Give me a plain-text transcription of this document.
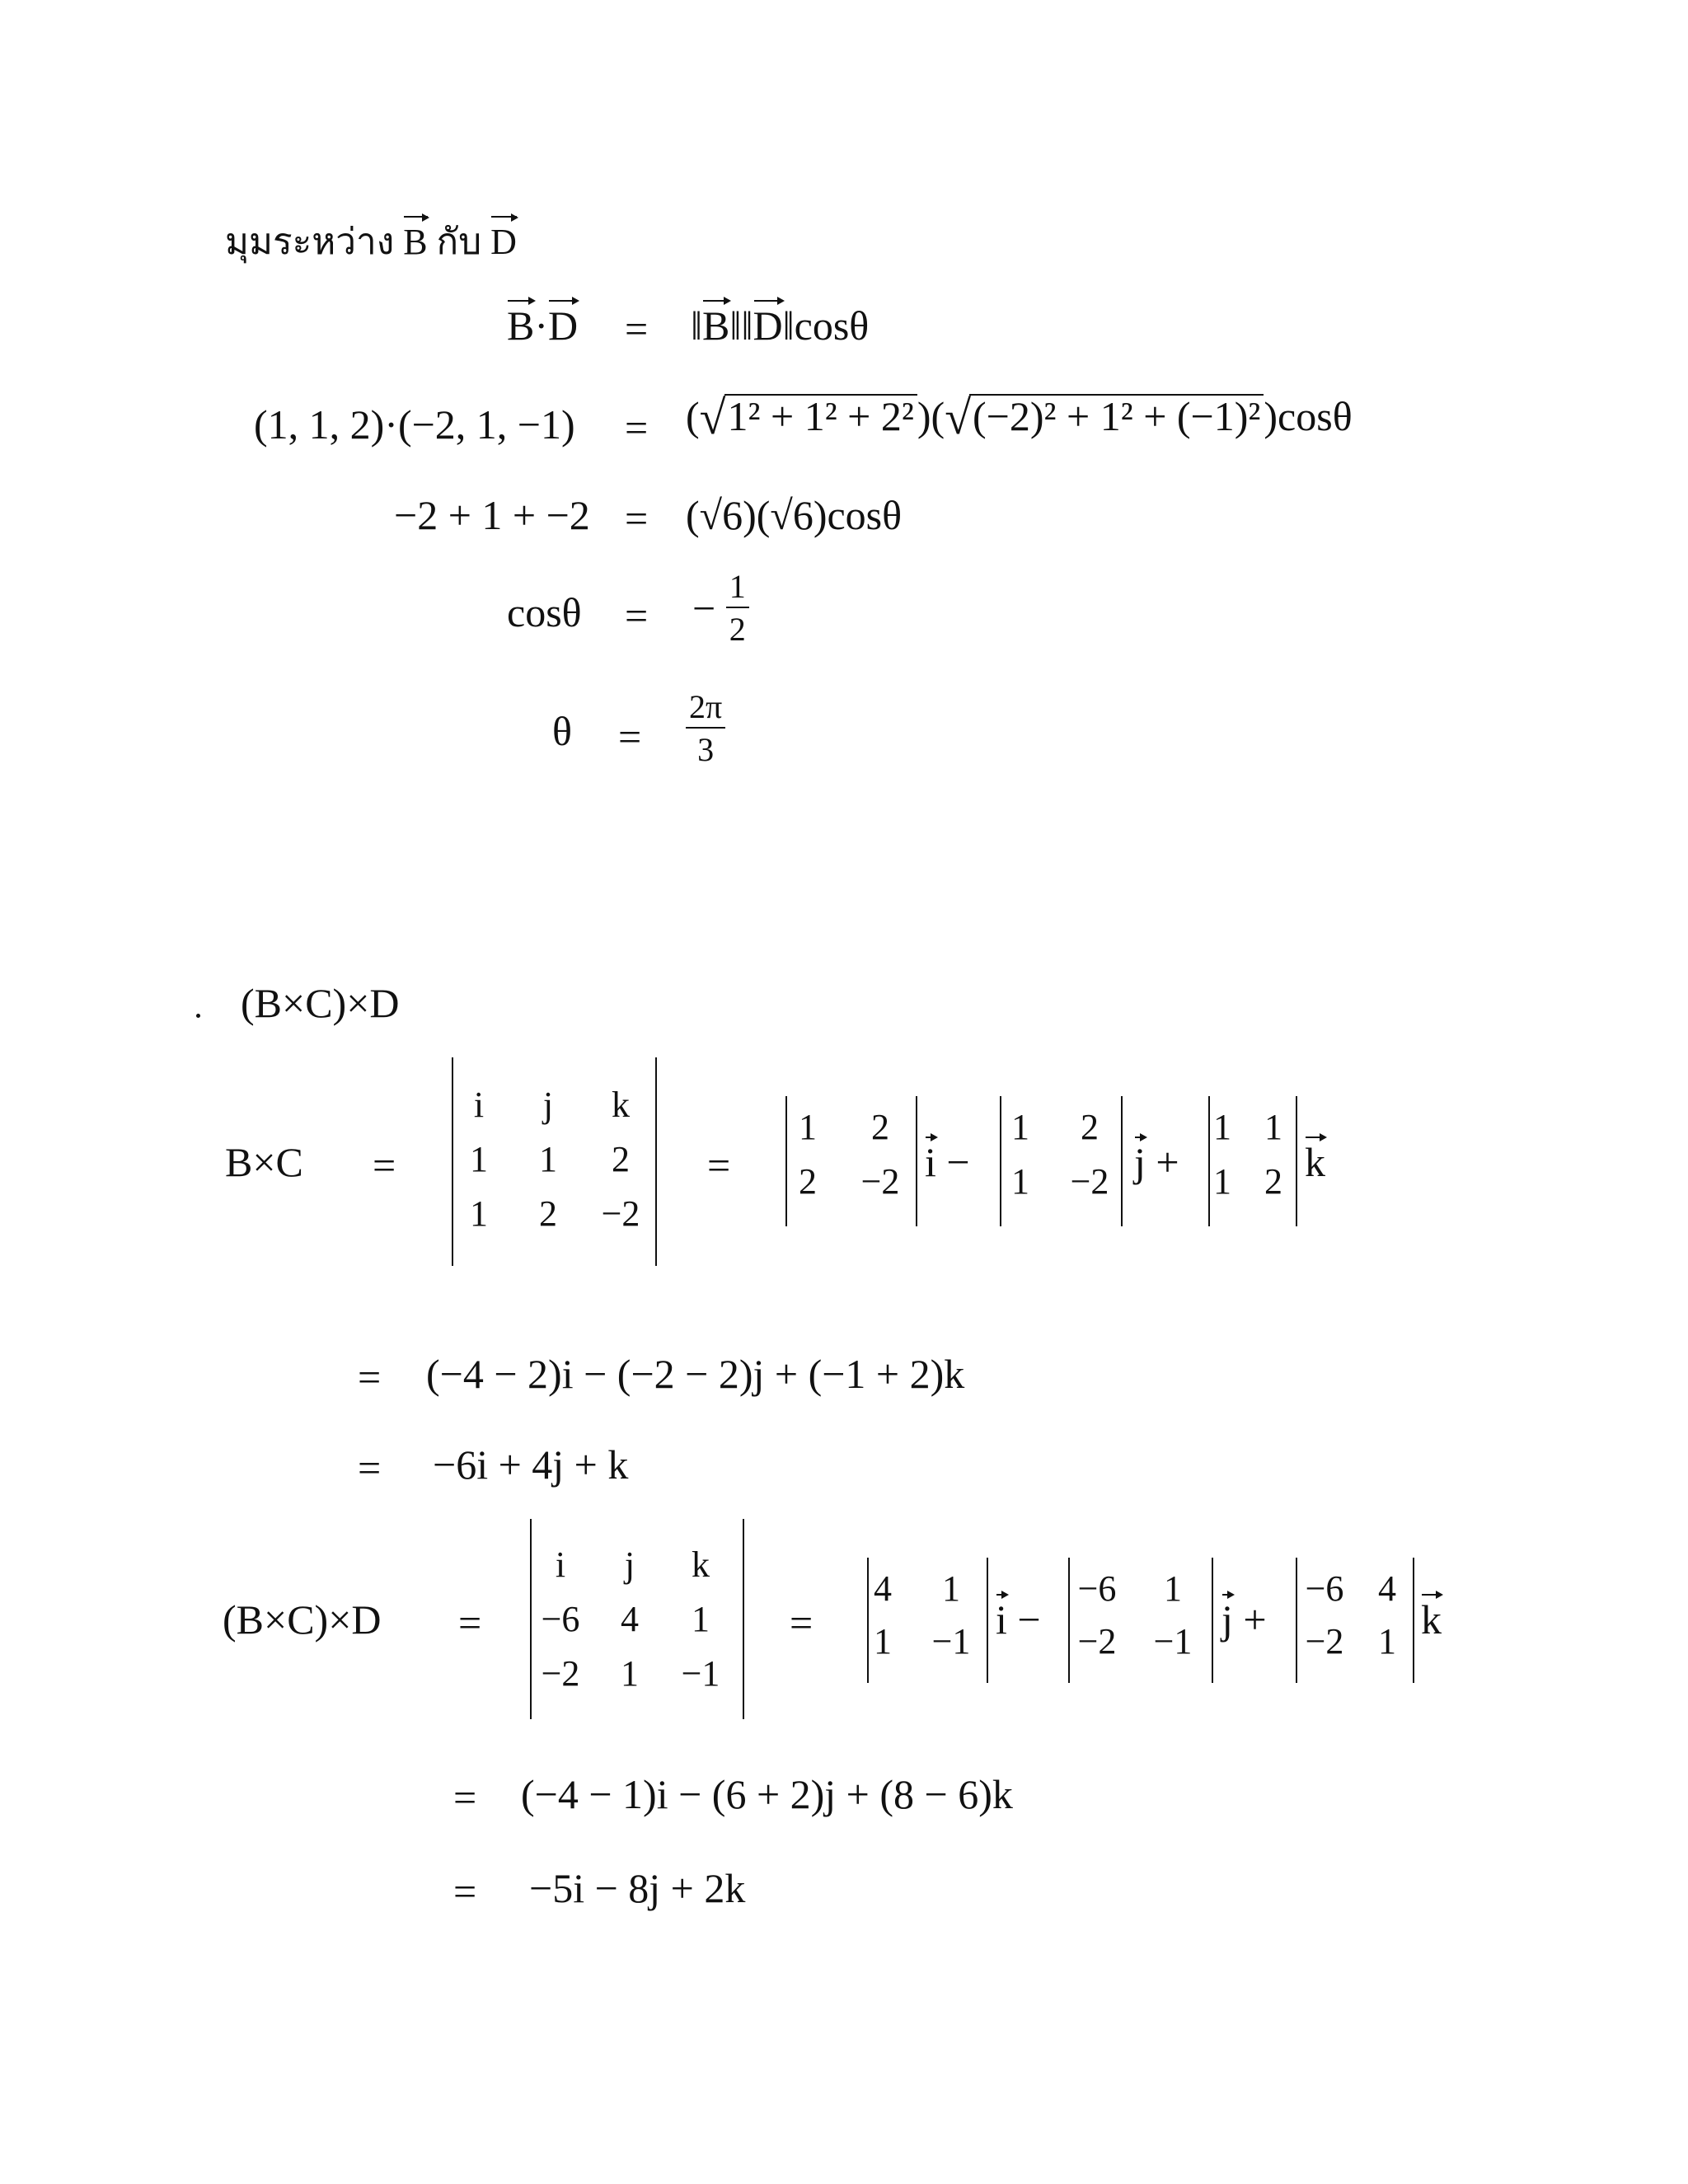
มุมระหว่าง B กับ D
B·D = ‖B‖‖D‖cosθ
(1, 1, 2)·(−2, 1, −1) = (√1² + 1² + 2²)(√(−2)² + 1² + (−1)²)cosθ
−2 + 1 + −2 = (√6)(√6)cosθ
cosθ = − $\frac{1}{2}$
$\theta = \frac{2\pi}{3}$
(B×C)×D
B×C =
i	j	k
1	1	2
1	2	−2
=
1	2
2	−2 i −
1	2
1	−2 j +
1 1
1 2 k
= (−4 − 2)i − (−2 − 2)j + (−1 + 2)k
= −6i + 4j + k
(B×C)×D =
i	j	k
−6	4	1
−2	1	−1
=
4	1
1	−1 i −
−6	1
−2	−1 j +
−6 4
−2 1 k
= (−4 − 1)i − (6 + 2)j + (8 − 6)k
= −5i − 8j + 2k
